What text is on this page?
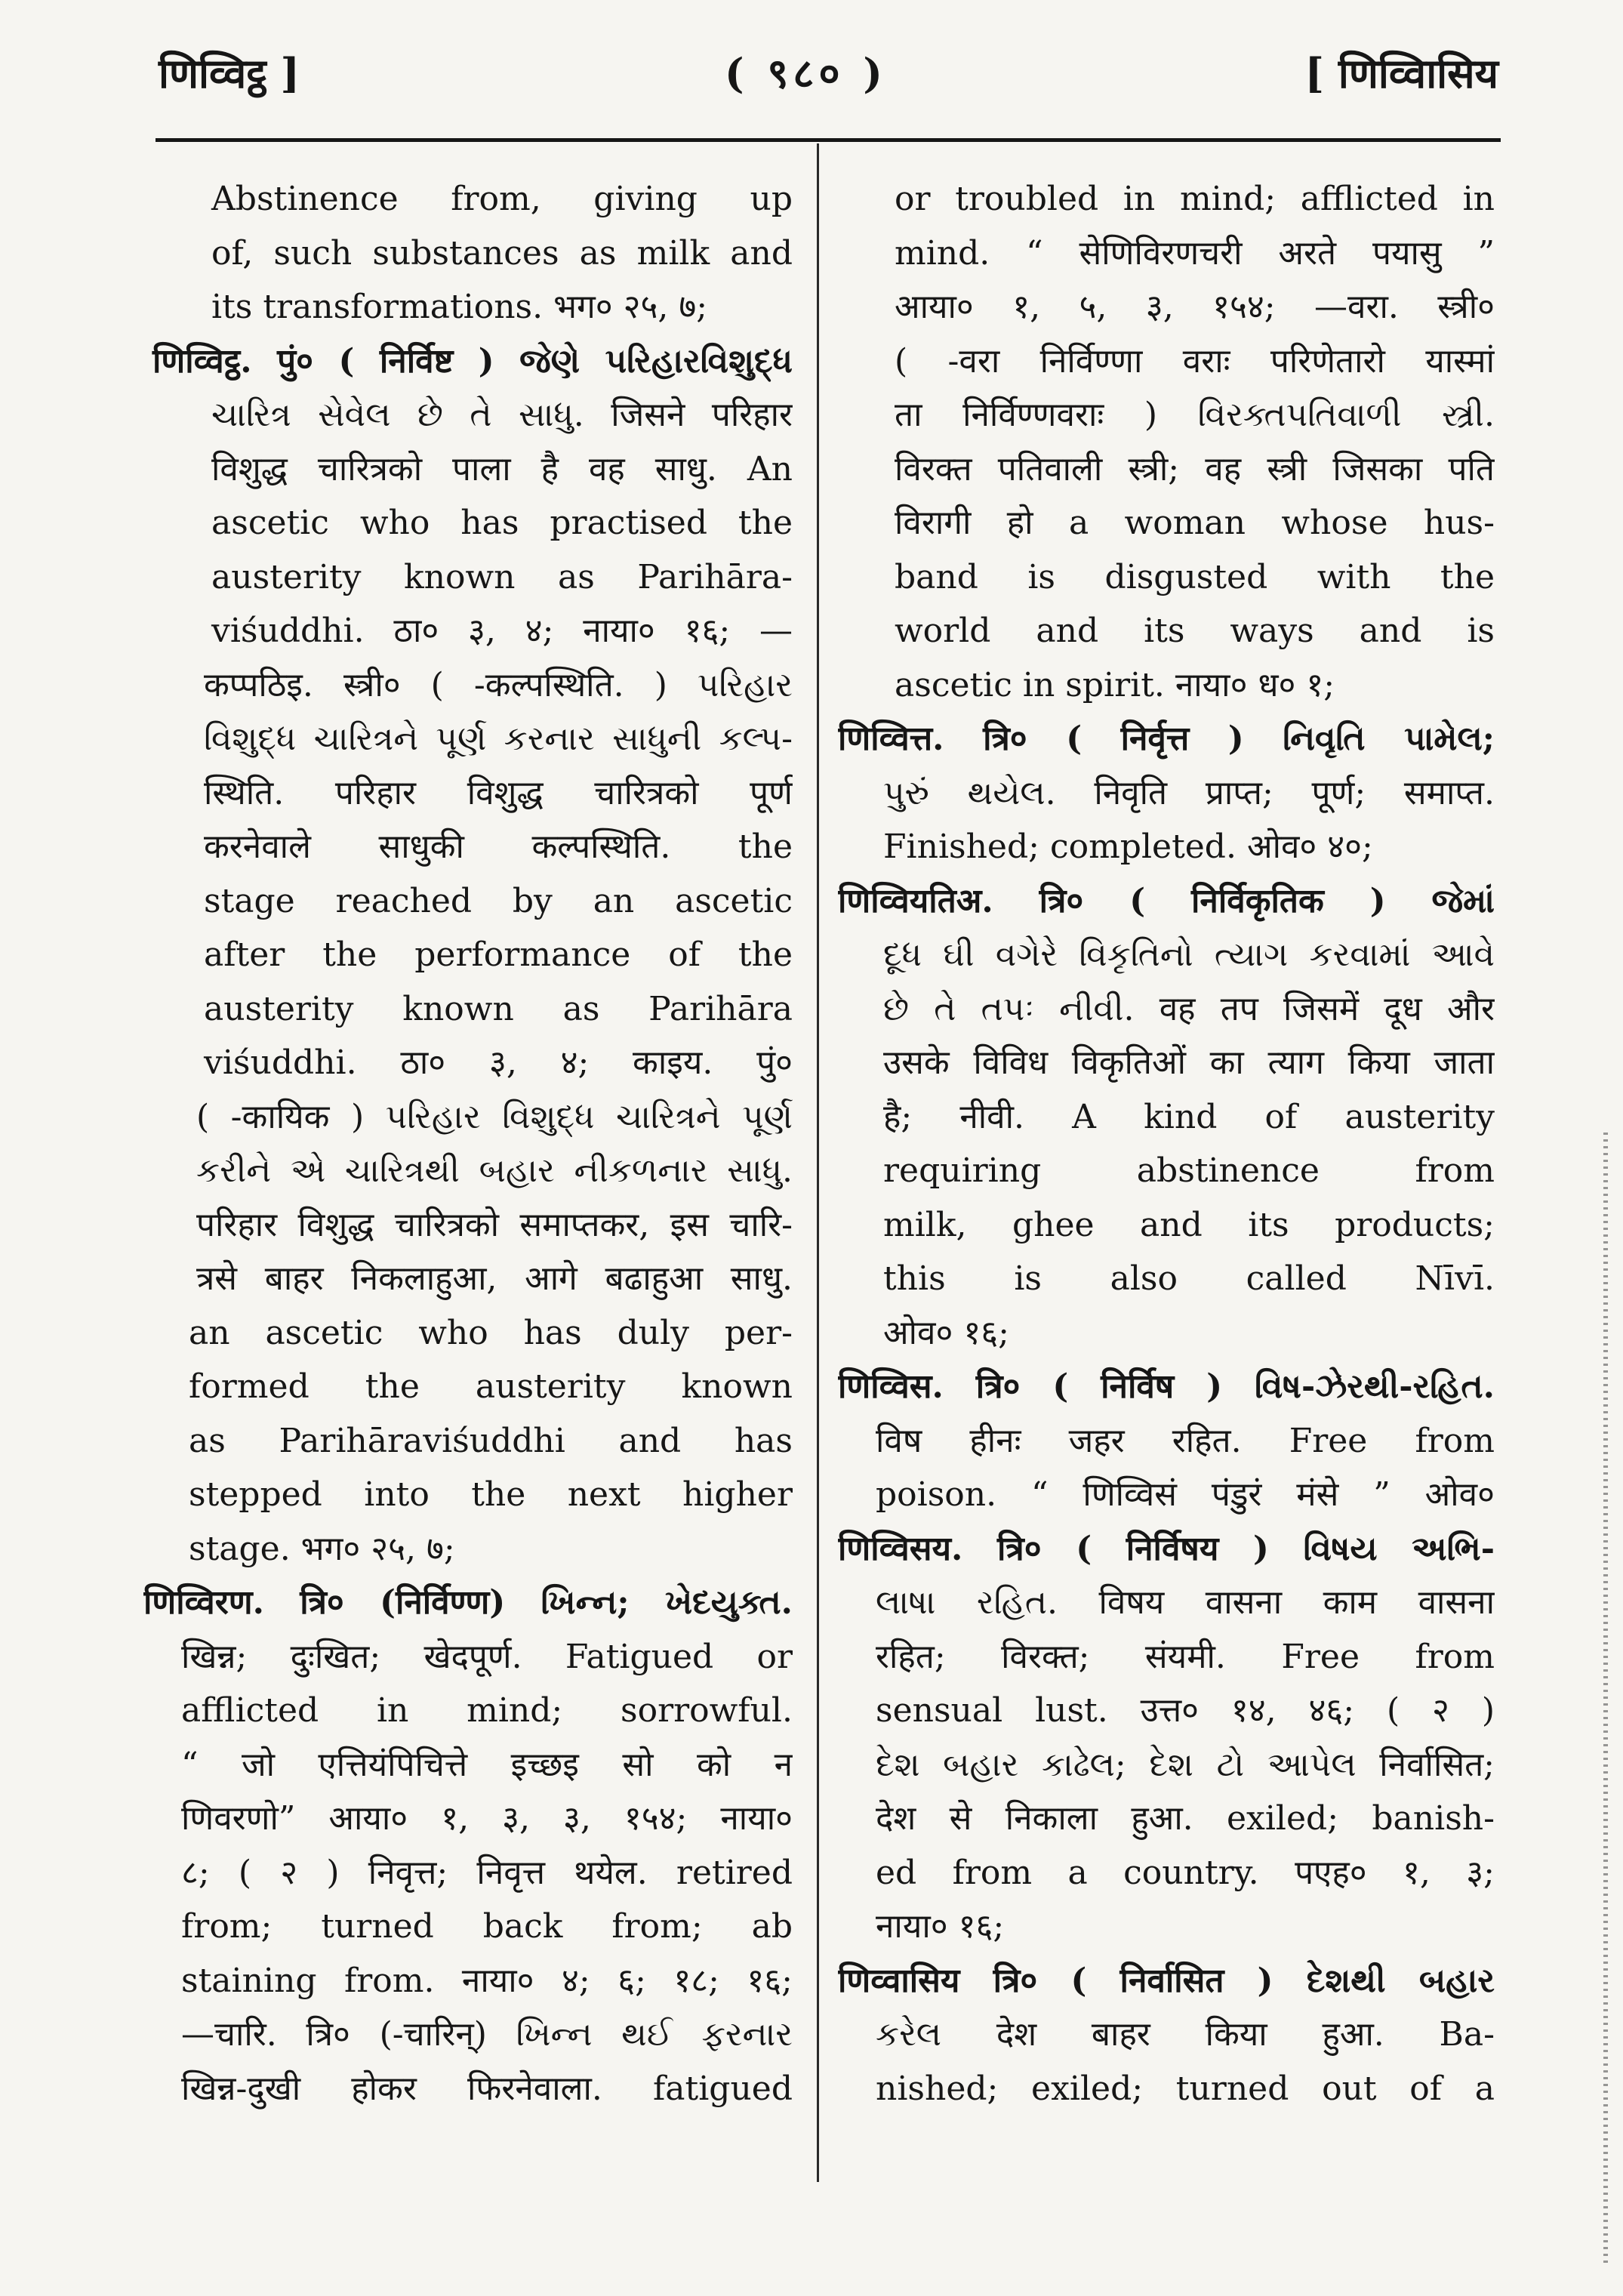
णिव्विट्ठ ]	( ९८० )	[ णिव्विासिय
Abstinence from, giving up
of, such substances as milk and
its transformations. भग० २५, ७;
णिव्विट्ठ. पुं० ( निर्विष्ट ) જેણે પરિહારવિશુદ્ધ
ચારિત્ર સેવેલ છે તે સાધુ. जिसने परिहार
विशुद्ध चारित्रको पाला है वह साधु. An
ascetic who has practised the
austerity known as Parihāra-
viśuddhi. ठा० ३, ४; नाया० १६; —
कप्पठिइ. स्त्री० ( -कल्पस्थिति. ) પરિહાર
વિશુદ્ધ ચારિત્રને પૂર્ણ કરનાર સાધુની કલ્પ-
स्थिति. परिहार विशुद्ध चारित्रको पूर्ण
करनेवाले साधुकी कल्पस्थिति. the
stage reached by an ascetic
after the performance of the
austerity known as Parihāra
viśuddhi. ठा० ३, ४; काइय. पुं०
( -कायिक ) પરિહાર વિશુદ્ધ ચારિત્રને પૂર્ણ
કરીને એ ચારિત્રથી બહાર નીકળનાર સાધુ.
परिहार विशुद्ध चारित्रको समाप्तकर, इस चारि-
त्रसे बाहर निकलाहुआ, आगे बढाहुआ साधु.
an ascetic who has duly per-
formed the austerity known
as Parihāraviśuddhi and has
stepped into the next higher
stage. भग० २५, ७;
णिव्विरण. त्रि० (निर्विण्ण) ખિન્ન; ખેદયુક્ત.
खिन्न; दुःखित; खेदपूर्ण. Fatigued or
afflicted in mind; sorrowful.
“ जो एत्तियंपिचित्ते इच्छइ सो को न
णिवरणो” आया० १, ३, ३, १५४; नाया०
८; ( २ ) निवृत्त; निवृत्त थयेल. retired
from; turned back from; ab
staining from. नाया० ४; ६; १८; १६;
—चारि. त्रि० (-चारिन्) ખિન્ન થઈ ફરનાર
खिन्न-दुखी होकर फिरनेवाला. fatigued
or troubled in mind; afflicted in
mind. “ सेणिविरणचरी अरते पयासु ”
आया० १, ५, ३, १५४; —वरा. स्त्री०
( -वरा निर्विण्णा वराः परिणेतारो यास्मां
ता निर्विण्णवराः ) વિરક્તપતિવાળી સ્ત્રી.
विरक्त पतिवाली स्त्री; वह स्त्री जिसका पति
विरागी हो a woman whose hus-
band is disgusted with the
world and its ways and is
ascetic in spirit. नाया० ध० १;
णिव्वित्त. त्रि० ( निर्वृत्त ) નિવૃતિ પામેલ;
પુરું થયેલ. निवृति प्राप्त; पूर्ण; समाप्त.
Finished; completed. ओव० ४०;
णिव्वियतिअ. त्रि० ( निर्विकृतिक ) જેમાં
દૂધ ઘી વગેરે વિકૃતિનો ત્યાગ કરવામાં આવે
છે તે તપઃ નીવી. वह तप जिसमें दूध और
उसके विविध विकृतिओं का त्याग किया जाता
है; नीवी. A kind of austerity
requiring abstinence from
milk, ghee and its products;
this is also called Nīvī.
ओव० १६;
णिव्विस. त्रि० ( निर्विष ) વિષ-ઝેરથી-રહિત.
विष हीनः जहर रहित. Free from
poison. “ णिव्विसं पंडुरं मंसे ” ओव०
णिव्विसय. त्रि० ( निर्विषय ) વિષય અભિ-
લાષા રહિત. विषय वासना काम वासना
रहित; विरक्त; संयमी. Free from
sensual lust. उत्त० १४, ४६; ( २ )
દેશ બહાર કાઢેલ; દેશ ટો આપેલ निर्वासित;
देश से निकाला हुआ. exiled; banish-
ed from a country. पएह० १, ३;
नाया० १६;
णिव्वासिय त्रि० ( निर्वासित ) દેશથી બહાર
કરેલ देश बाहर किया हुआ. Ba-
nished; exiled; turned out of a
